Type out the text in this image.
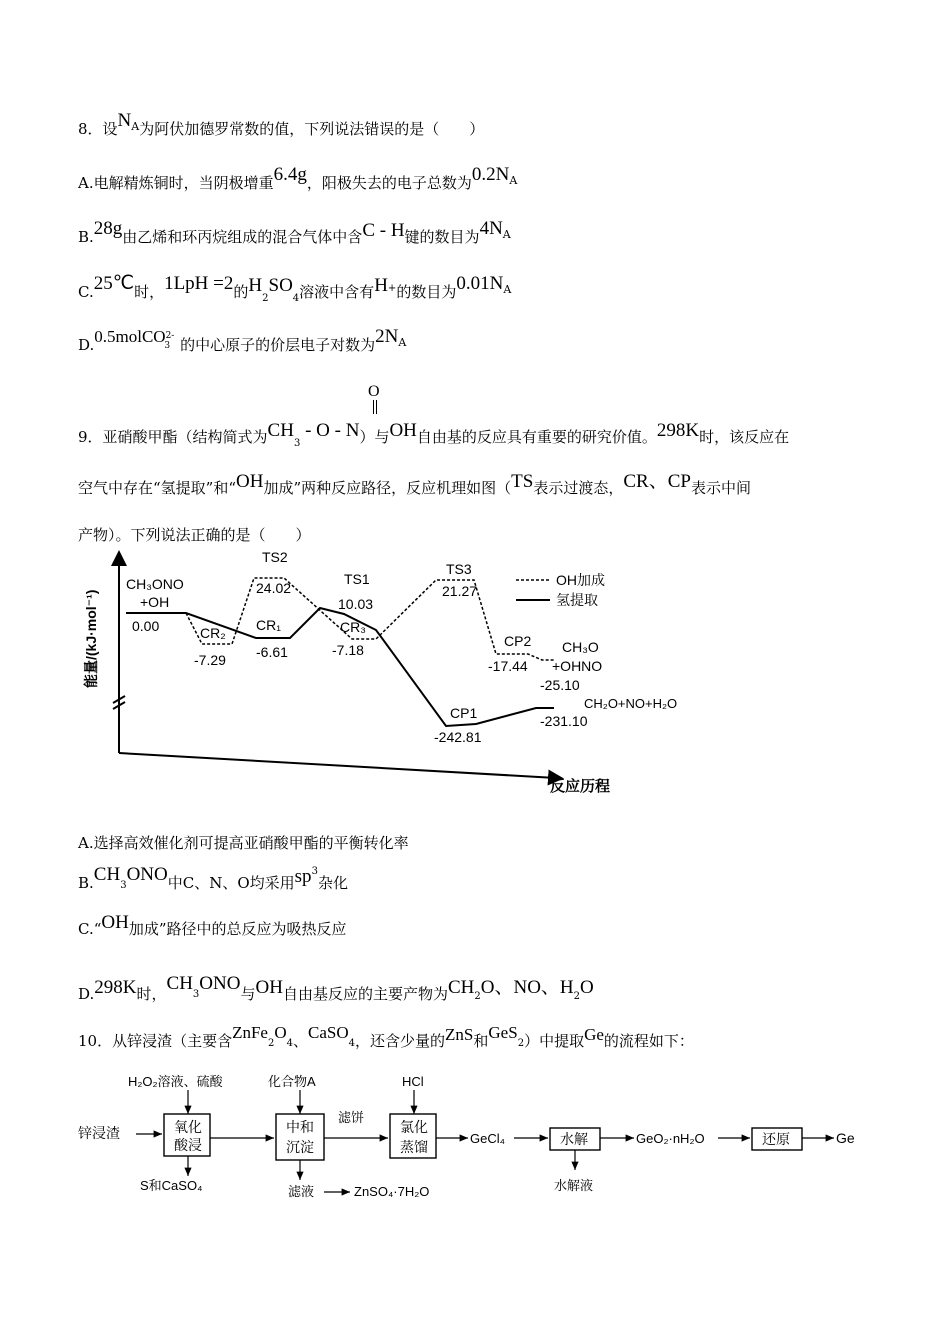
8．设$N^A$为阿伏加德罗常数的值，下列说法错误的是（　　）
A.电解精炼铜时，当阴极增重6.4g，阳极失去的电子总数为$0.2N^A$
B.28g由乙烯和环丙烷组成的混合气体中含C - H键的数目为$4N^A$
C.25℃时，1LpH =2的$H_2SO_4$溶液中含有H+的数目为$0.01N^A$
D.0.5molCO$^{2-}$3 的中心原子的价层电子对数为$2N^A$
O
9．亚硝酸甲酯（结构简式为$CH_3$ - O - N）与OH自由基的反应具有重要的研究价值。298K时，该反应在
空气中存在“氢提取”和“OH加成”两种反应路径，反应机理如图（TS表示过渡态，CR、CP表示中间
产物）。下列说法正确的是（　　）
能量/(kJ·mol⁻¹)
反应历程
OH加成
氢提取
CH₃ONO
+OH
0.00	CR₂
-7.29
TS2
24.02
CR₁
-6.61
TS1
10.03
CR₃
-7.18
TS3
21.27
CP2
-17.44
CH₃O
+OHNO
-25.10
CP1
-242.81
CH₂O+NO+H₂O
-231.10
A.选择高效催化剂可提高亚硝酸甲酯的平衡转化率
$B.CH_3ONO$中C、N、O均采用$sp^3$杂化
C.“OH加成”路径中的总反应为吸热反应
D.298K时，$CH_3ONO$与OH自由基反应的主要产物为$CH_2O$、NO、$H_2O$
10．从锌浸渣（主要含$ZnFe_2O_4$、CaSO$_4$，还含少量的ZnS和GeS$_2$）中提取Ge的流程如下：
锌浸渣
H₂O₂溶液、硫酸
氧化
酸浸
S和CaSO₄
化合物A
中和
沉淀
滤液	ZnSO₄·7H₂O
滤饼
HCl
氯化
蒸馏
GeCl₄	水解
水解液
GeO₂·nH₂O	还原	Ge
